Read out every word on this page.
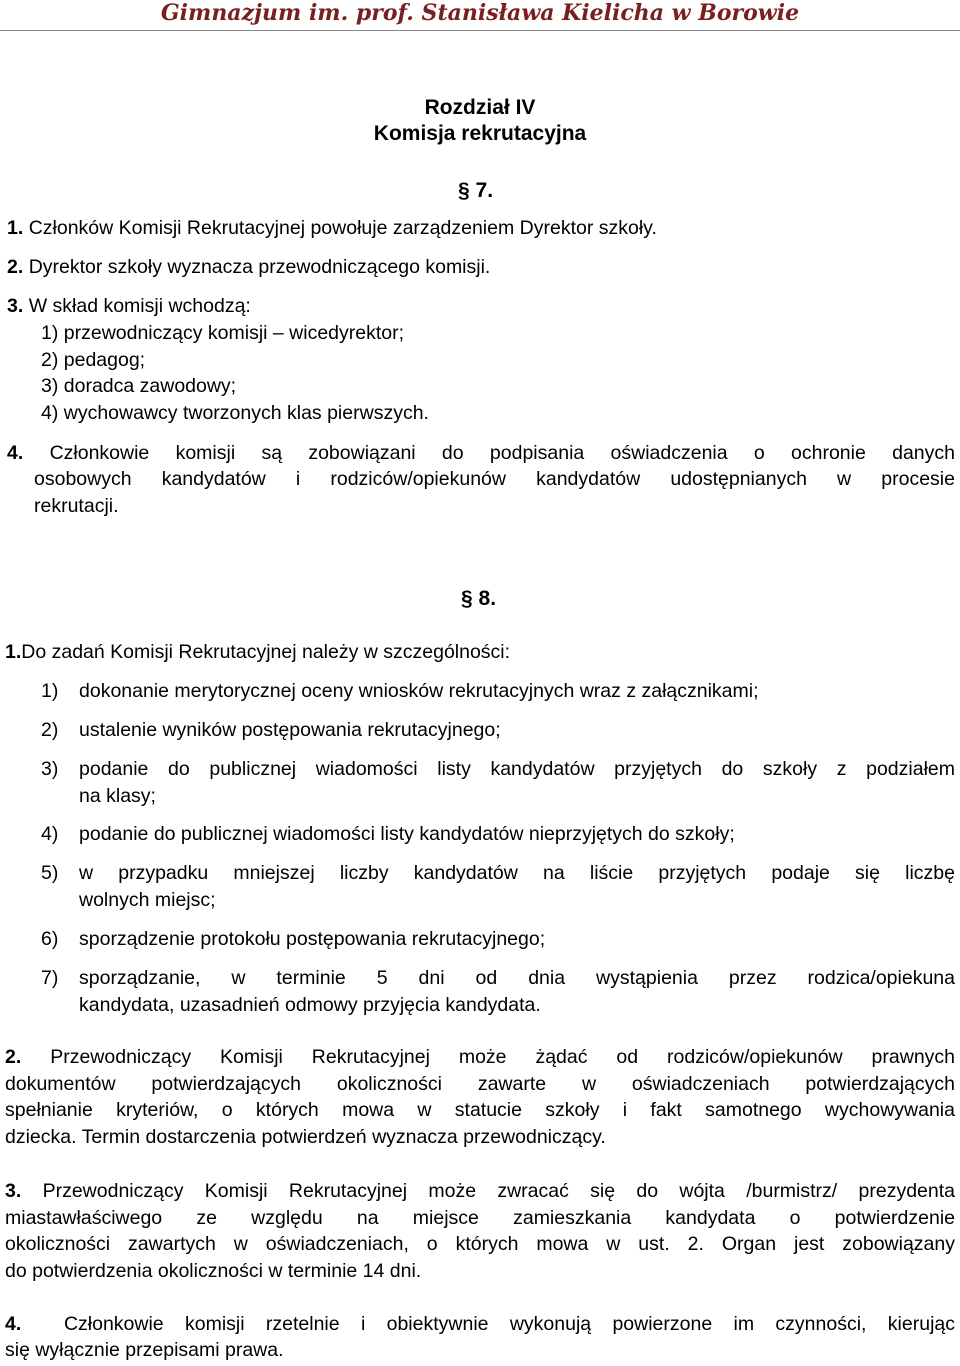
Gimnazjum im. prof. Stanisława Kielicha w Borowie
Rozdział IV
Komisja rekrutacyjna
§ 7.
1. Członków Komisji Rekrutacyjnej powołuje zarządzeniem Dyrektor szkoły.
2. Dyrektor szkoły wyznacza przewodniczącego komisji.
3. W skład komisji wchodzą:
1) przewodniczący komisji – wicedyrektor;
2) pedagog;
3) doradca zawodowy;
4) wychowawcy tworzonych klas pierwszych.
4. Członkowie komisji są zobowiązani do podpisania oświadczenia o ochronie danych
osobowych kandydatów i rodziców/opiekunów kandydatów udostępnianych w procesie
rekrutacji.
§ 8.
1.Do zadań Komisji Rekrutacyjnej należy w szczególności:
1) dokonanie merytorycznej oceny wniosków rekrutacyjnych wraz z załącznikami;
2) ustalenie wyników postępowania rekrutacyjnego;
3) podanie do publicznej wiadomości listy kandydatów przyjętych do szkoły z podziałem
na klasy;
4) podanie do publicznej wiadomości listy kandydatów nieprzyjętych do szkoły;
5) w przypadku mniejszej liczby kandydatów na liście przyjętych podaje się liczbę
wolnych miejsc;
6) sporządzenie protokołu postępowania rekrutacyjnego;
7) sporządzanie, w terminie 5 dni od dnia wystąpienia przez rodzica/opiekuna
kandydata, uzasadnień odmowy przyjęcia kandydata.
2. Przewodniczący Komisji Rekrutacyjnej może żądać od rodziców/opiekunów prawnych
dokumentów potwierdzających okoliczności zawarte w oświadczeniach potwierdzających
spełnianie kryteriów, o których mowa w statucie szkoły i fakt samotnego wychowywania
dziecka. Termin dostarczenia potwierdzeń wyznacza przewodniczący.
3. Przewodniczący Komisji Rekrutacyjnej może zwracać się do wójta /burmistrz/ prezydenta
miastawłaściwego ze względu na miejsce zamieszkania kandydata o potwierdzenie
okoliczności zawartych w oświadczeniach, o których mowa w ust. 2. Organ jest zobowiązany
do potwierdzenia okoliczności w terminie 14 dni.
4. Członkowie komisji rzetelnie i obiektywnie wykonują powierzone im czynności, kierując
się wyłącznie przepisami prawa.
